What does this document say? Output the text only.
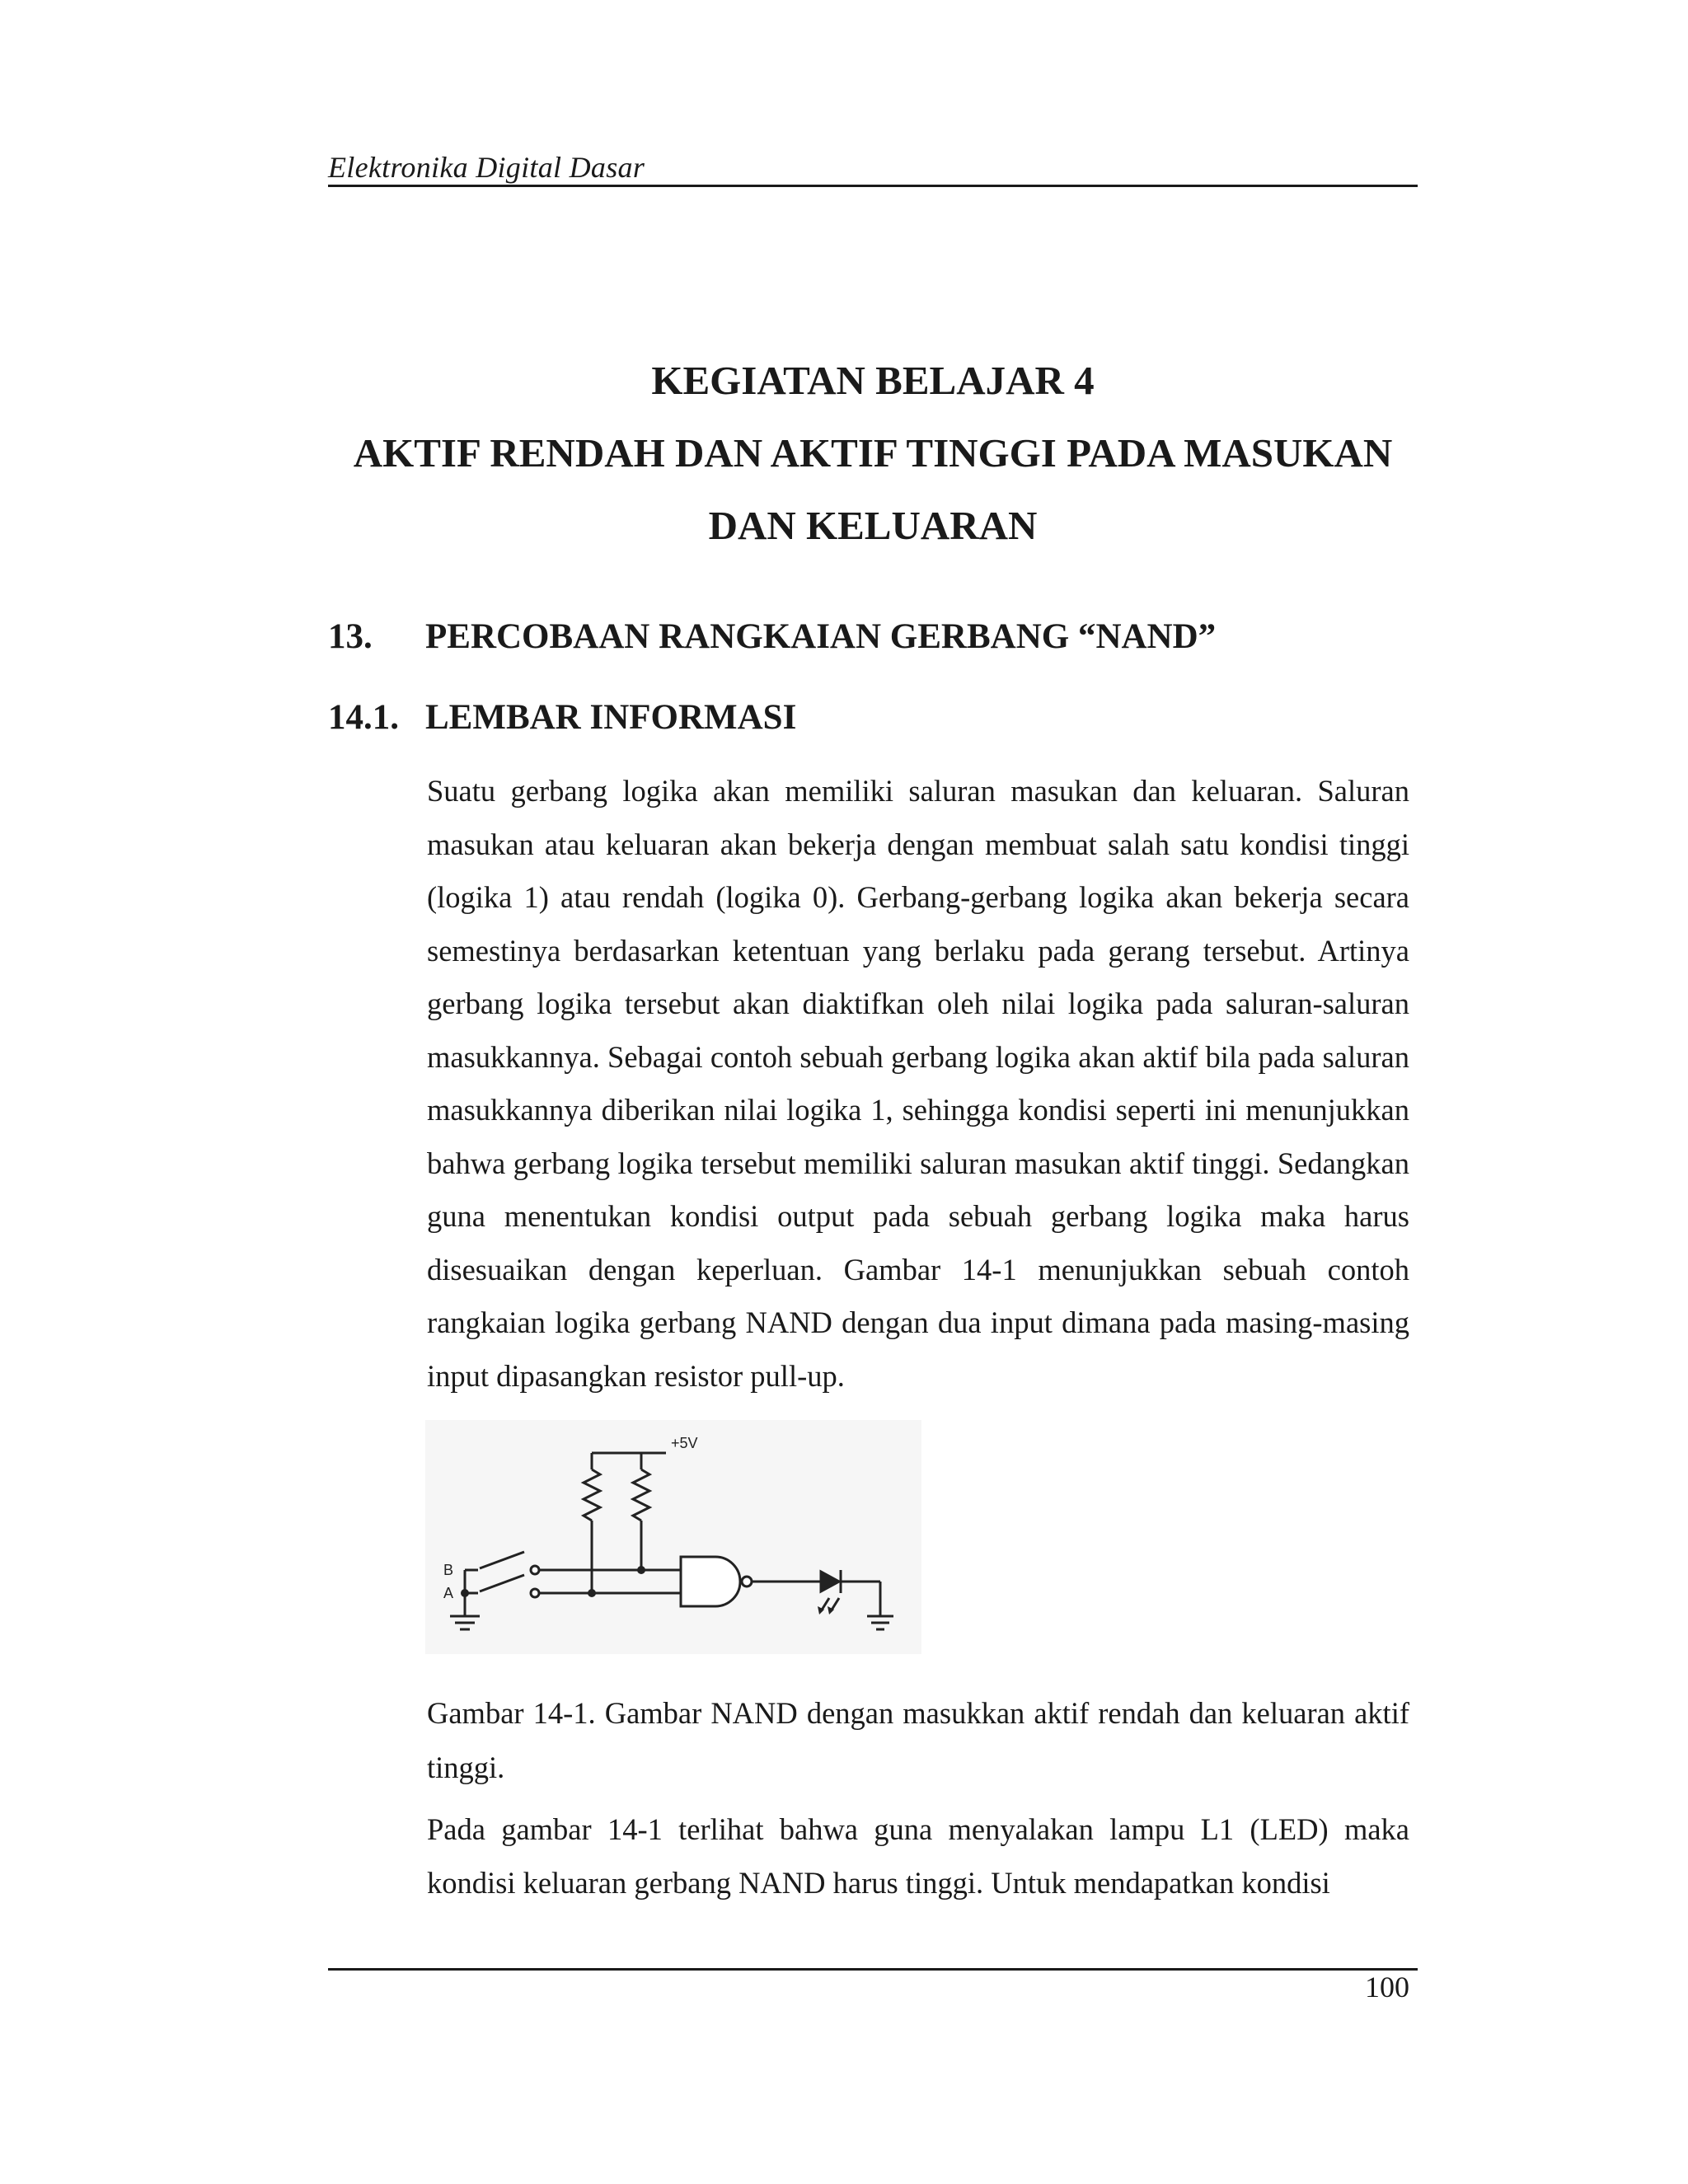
Elektronika Digital Dasar
KEGIATAN BELAJAR 4
AKTIF RENDAH DAN AKTIF TINGGI PADA MASUKAN
DAN KELUARAN
13. PERCOBAAN RANGKAIAN GERBANG “NAND”
14.1. LEMBAR INFORMASI

Suatu gerbang logika akan memiliki saluran masukan dan keluaran. Saluran masukan atau keluaran akan bekerja dengan membuat salah satu kondisi tinggi (logika 1) atau rendah (logika 0). Gerbang-gerbang logika akan bekerja secara semestinya berdasarkan ketentuan yang berlaku pada gerang tersebut. Artinya gerbang logika tersebut akan diaktifkan oleh nilai logika pada saluran-saluran masukkannya. Sebagai contoh sebuah gerbang logika akan aktif bila pada saluran masukkannya diberikan nilai logika 1, sehingga kondisi seperti ini menunjukkan bahwa gerbang logika tersebut memiliki saluran masukan aktif tinggi. Sedangkan guna menentukan kondisi output pada sebuah gerbang logika maka harus disesuaikan dengan keperluan. Gambar 14-1 menunjukkan sebuah contoh rangkaian logika gerbang NAND dengan dua input dimana pada masing-masing input dipasangkan resistor pull-up.

+5V
B
A
Gambar 14-1. Gambar NAND dengan masukkan aktif rendah dan keluaran aktif tinggi.

Pada gambar 14-1 terlihat bahwa guna menyalakan lampu L1 (LED) maka kondisi keluaran gerbang NAND harus tinggi. Untuk mendapatkan kondisi

100
